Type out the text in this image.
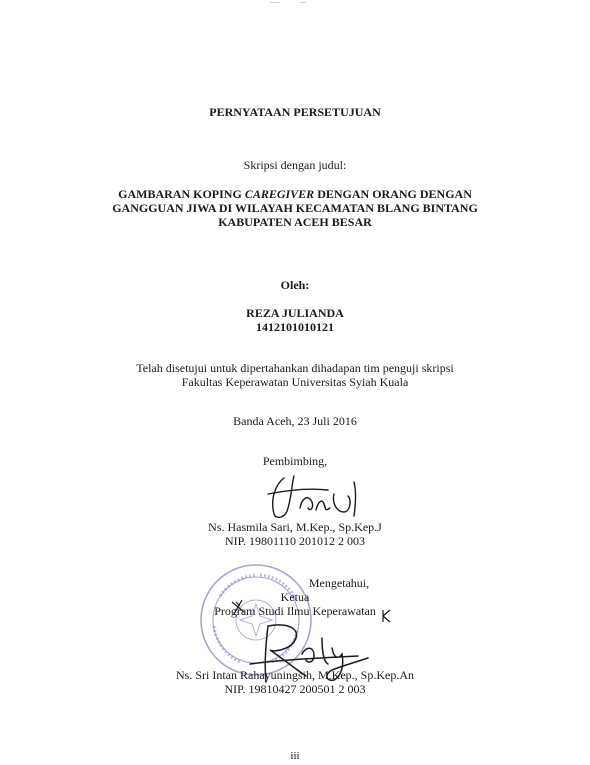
PERNYATAAN PERSETUJUAN
Skripsi dengan judul:
GAMBARAN KOPING CAREGIVER DENGAN ORANG DENGAN
GANGGUAN JIWA DI WILAYAH KECAMATAN BLANG BINTANG
KABUPATEN ACEH BESAR
Oleh:
REZA JULIANDA
1412101010121
Telah disetujui untuk dipertahankan dihadapan tim penguji skripsi
Fakultas Keperawatan Universitas Syiah Kuala
Banda Aceh, 23 Juli 2016
Pembimbing,
Ns. Hasmila Sari, M.Kep., Sp.Kep.J
NIP. 19801110 201012 2 003
Mengetahui,
Ketua
Program Studi Ilmu Keperawatan
Ns. Sri Intan Rahayuningsih, M.Kep., Sp.Kep.An
NIP. 19810427 200501 2 003
iii
